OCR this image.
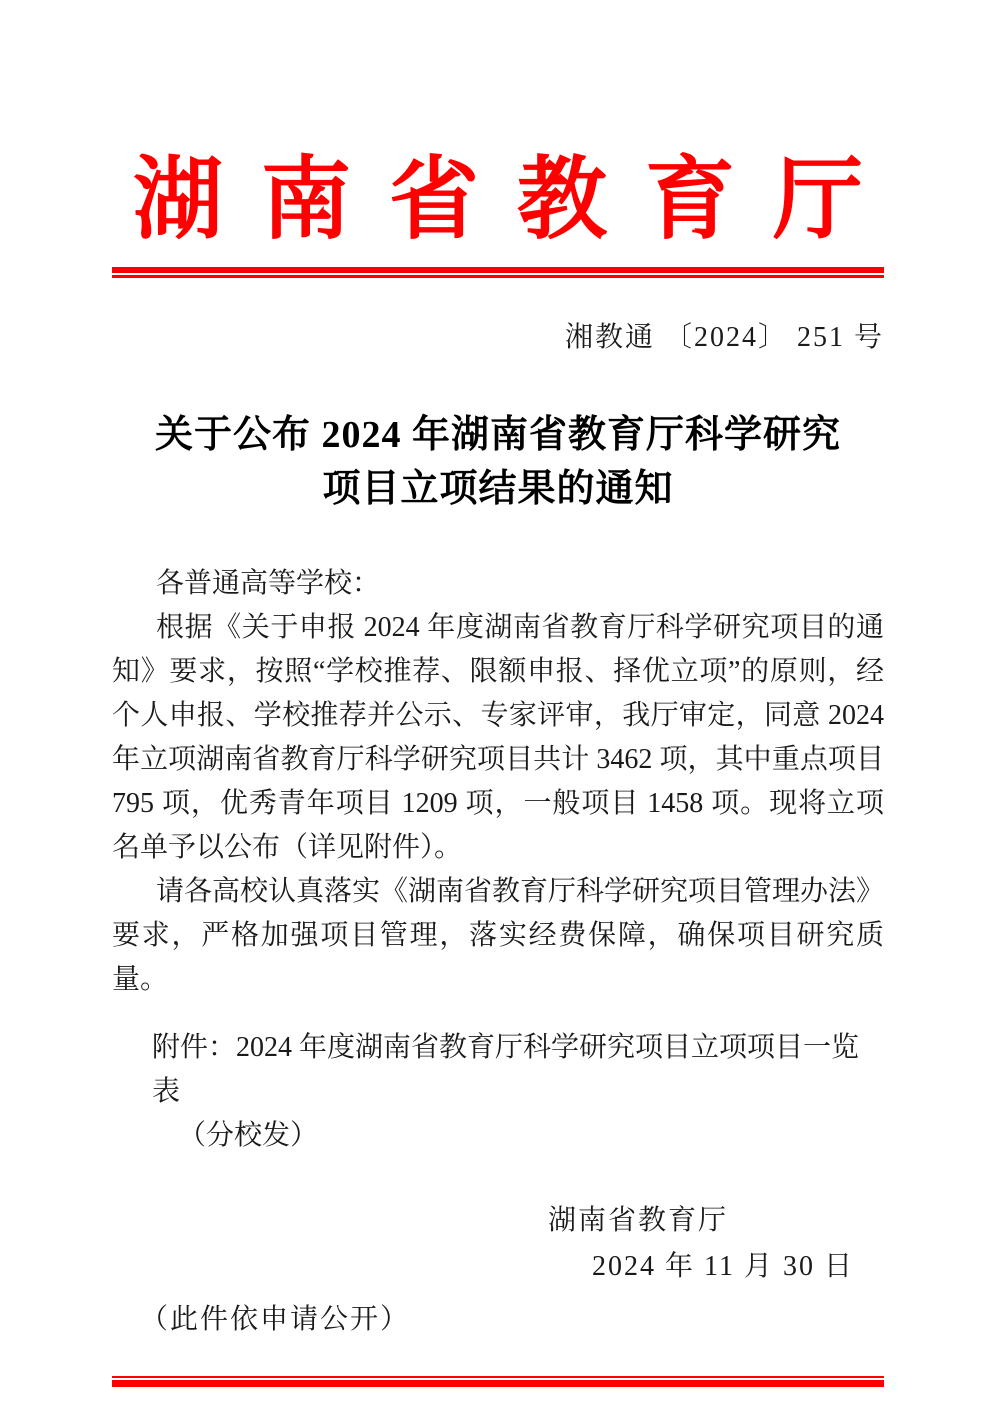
湖南省教育厅
湘教通 〔2024〕 251 号
关于公布 2024 年湖南省教育厅科学研究
项目立项结果的通知

各普通高等学校：

根据《关于申报 2024 年度湖南省教育厅科学研究项目的通知》要求，按照“学校推荐、限额申报、择优立项”的原则，经个人申报、学校推荐并公示、专家评审，我厅审定，同意 2024 年立项湖南省教育厅科学研究项目共计 3462 项，其中重点项目 795 项，优秀青年项目 1209 项，一般项目 1458 项。现将立项名单予以公布（详见附件）。

请各高校认真落实《湖南省教育厅科学研究项目管理办法》要求，严格加强项目管理，落实经费保障，确保项目研究质量。

附件：2024 年度湖南省教育厅科学研究项目立项项目一览表
（分校发）
湖南省教育厅
2024 年 11 月 30 日
（此件依申请公开）
